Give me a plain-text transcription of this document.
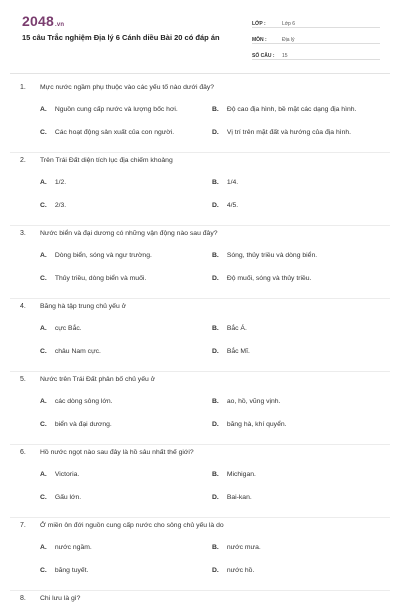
2048.vn
15 câu Trắc nghiệm Địa lý 6 Cánh diều Bài 20 có đáp án
LỚP :	Lớp 6
MÔN :	Địa lý
SỐ CÂU :	15
1. Mực nước ngầm phụ thuộc vào các yếu tố nào dưới đây?
A. Nguồn cung cấp nước và lượng bốc hơi.	B. Độ cao địa hình, bề mặt các dạng địa hình.
C. Các hoạt động sản xuất của con người.	D. Vị trí trên mặt đất và hướng của địa hình.
2. Trên Trái Đất diện tích lục địa chiếm khoảng
A. 1/2.	B. 1/4.
C. 2/3.	D. 4/5.
3. Nước biển và đại dương có những vận động nào sau đây?
A. Dòng biển, sóng và ngư trường.	B. Sóng, thủy triều và dòng biển.
C. Thủy triều, dòng biển và muối.	D. Độ muối, sóng và thủy triều.
4. Băng hà tập trung chủ yếu ở
A. cực Bắc.	B. Bắc Á.
C. châu Nam cực.	D. Bắc Mĩ.
5. Nước trên Trái Đất phân bố chủ yếu ở
A. các dòng sông lớn.	B. ao, hồ, vũng vịnh.
C. biển và đại dương.	D. băng hà, khí quyển.
6. Hồ nước ngọt nào sau đây là hồ sâu nhất thế giới?
A. Victoria.	B. Michigan.
C. Gấu lớn.	D. Bai-kan.
7. Ở miền ôn đới nguồn cung cấp nước cho sông chủ yếu là do
A. nước ngầm.	B. nước mưa.
C. băng tuyết.	D. nước hồ.
8. Chi lưu là gì?
